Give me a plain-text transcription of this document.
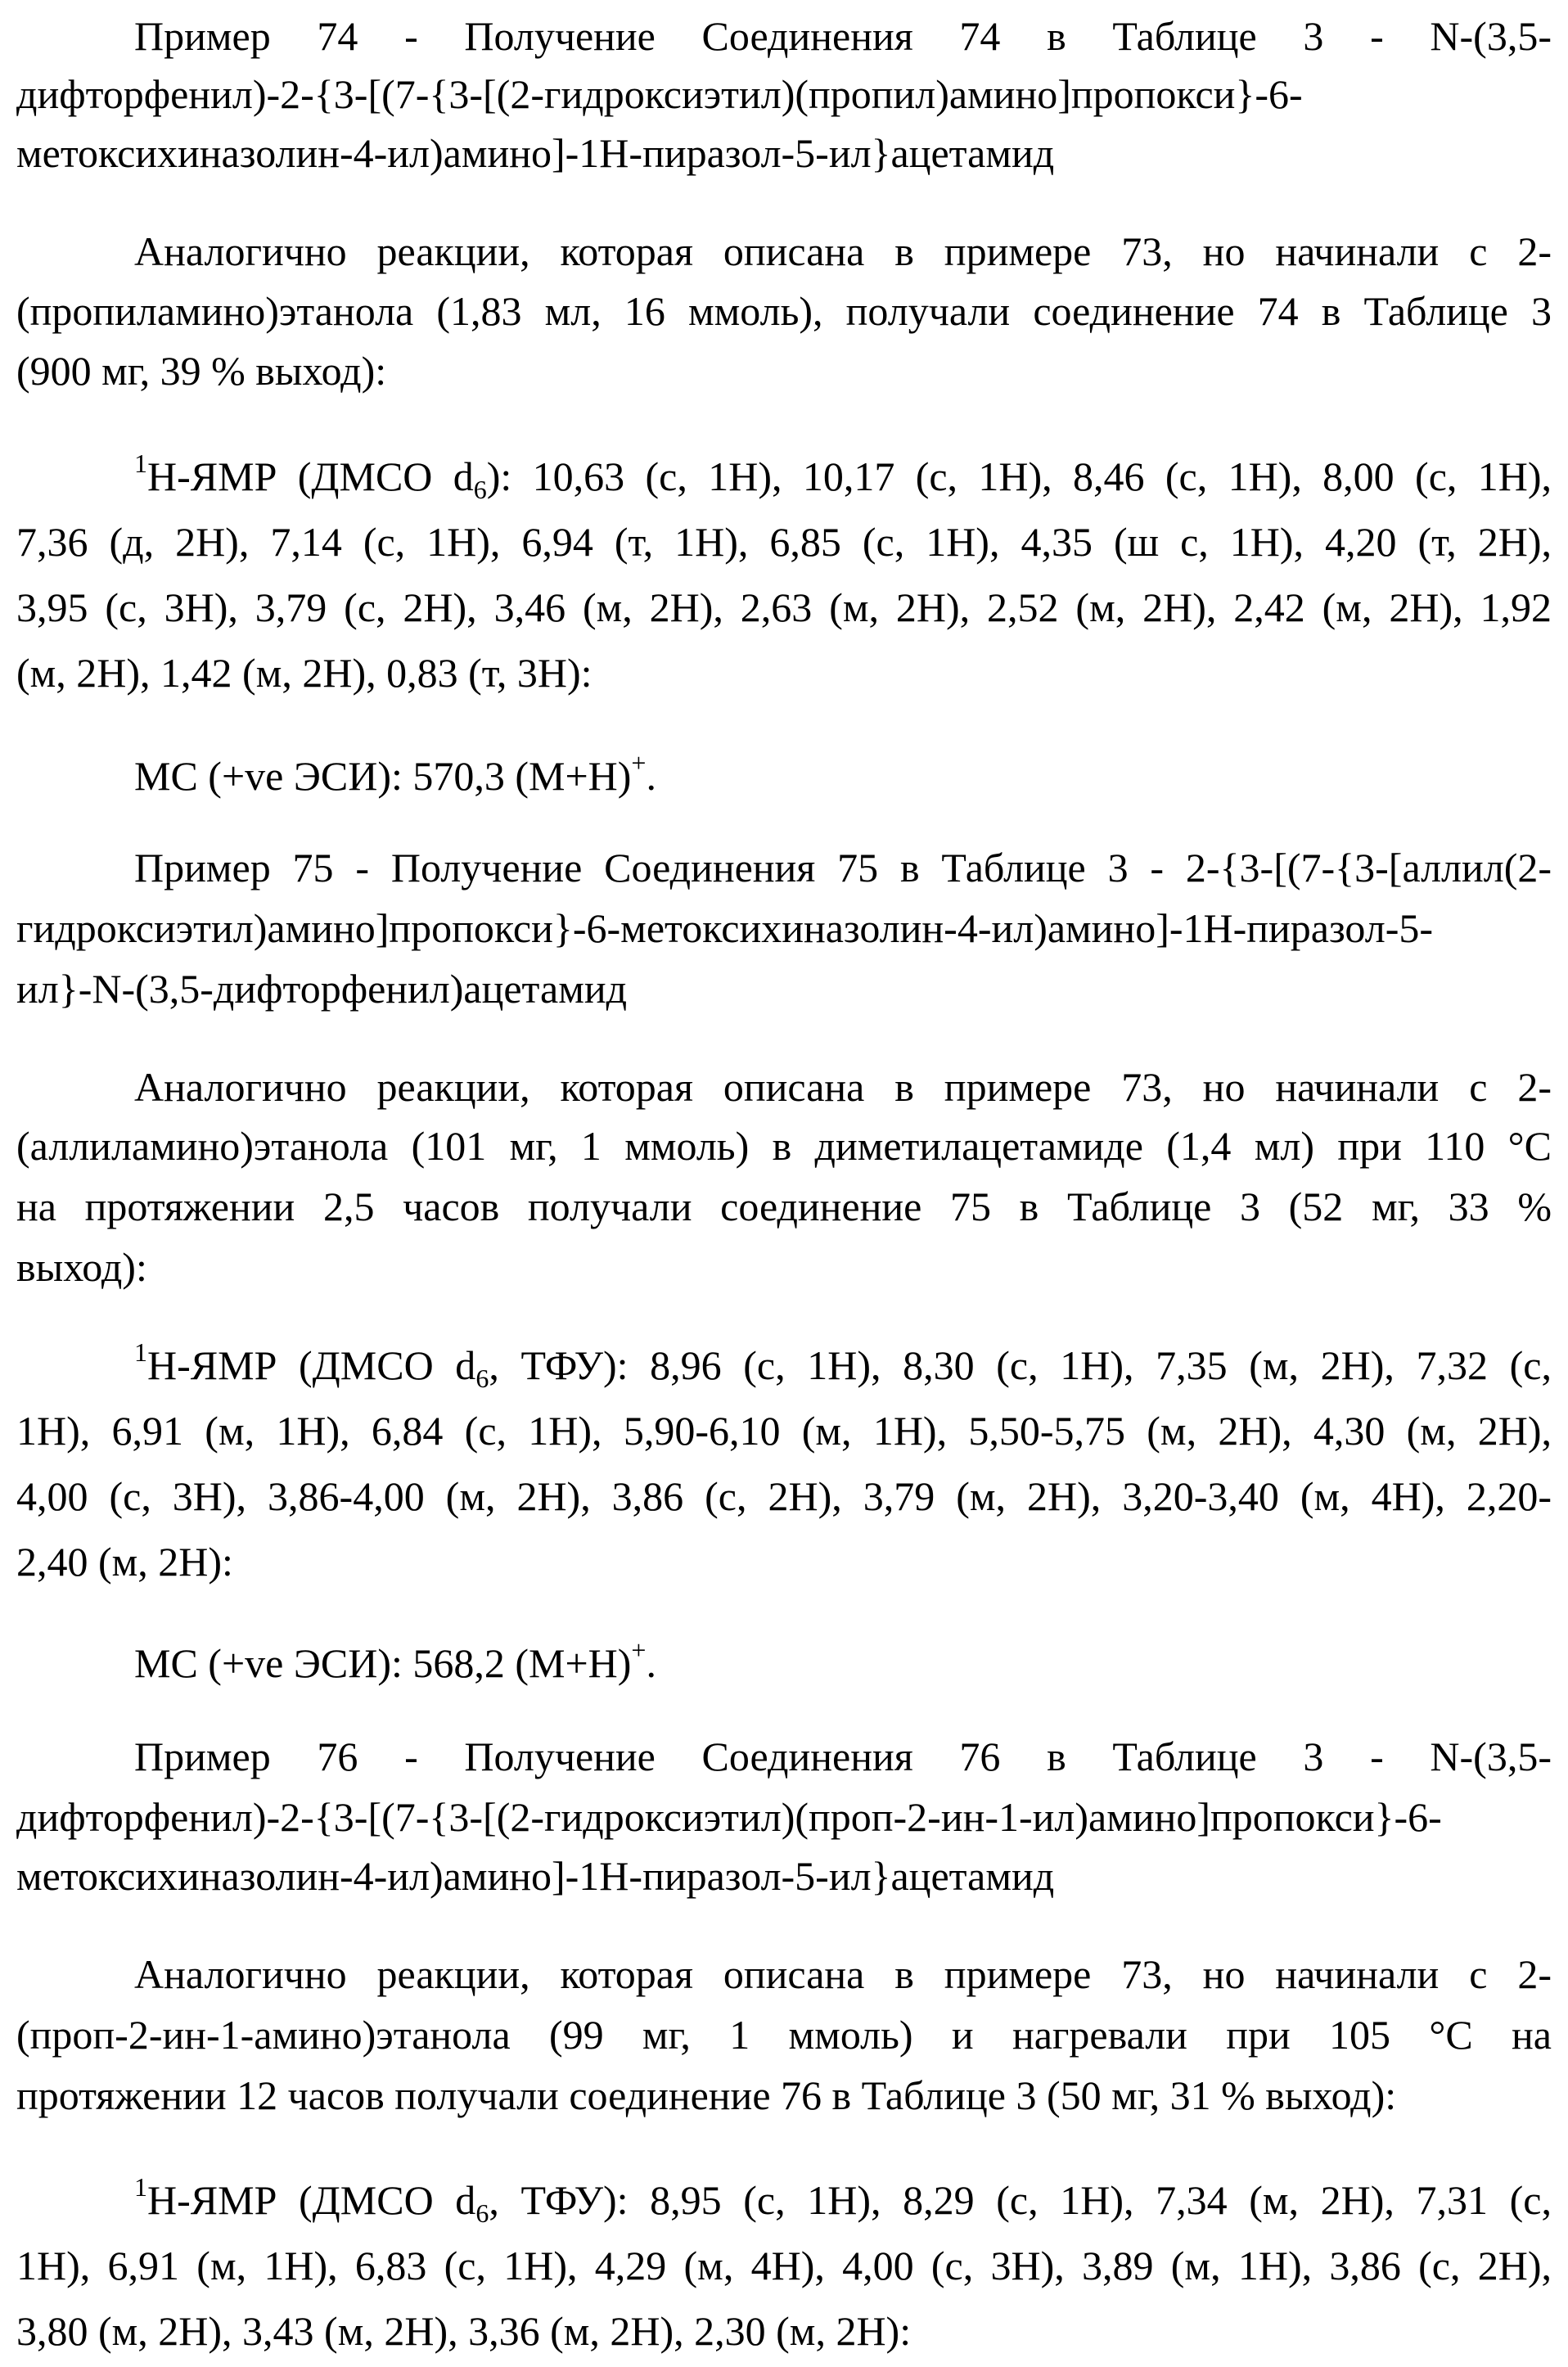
Пример 74 - Получение Соединения 74 в Таблице 3 - N-(3,5-

дифторфенил)-2-{3-[(7-{3-[(2-гидроксиэтил)(пропил)амино]пропокси}-6-

метоксихиназолин-4-ил)амино]-1Н-пиразол-5-ил}ацетамид

Аналогично реакции, которая описана в примере 73, но начинали с 2-

(пропиламино)этанола (1,83 мл, 16 ммоль), получали соединение 74 в Таблице 3

(900 мг, 39 % выход):

1Н-ЯМР (ДМСО d6): 10,63 (с, 1Н), 10,17 (с, 1Н), 8,46 (с, 1Н), 8,00 (с, 1Н),

7,36 (д, 2Н), 7,14 (с, 1Н), 6,94 (т, 1Н), 6,85 (с, 1Н), 4,35 (ш с, 1Н), 4,20 (т, 2Н),

3,95 (с, 3Н), 3,79 (с, 2Н), 3,46 (м, 2Н), 2,63 (м, 2Н), 2,52 (м, 2Н), 2,42 (м, 2Н), 1,92

(м, 2Н), 1,42 (м, 2Н), 0,83 (т, 3Н):

МС (+ve ЭСИ): 570,3 (М+Н)+.

Пример 75 - Получение Соединения 75 в Таблице 3 - 2-{3-[(7-{3-[аллил(2-

гидроксиэтил)амино]пропокси}-6-метоксихиназолин-4-ил)амино]-1Н-пиразол-5-

ил}-N-(3,5-дифторфенил)ацетамид

Аналогично реакции, которая описана в примере 73, но начинали с 2-

(аллиламино)этанола (101 мг, 1 ммоль) в диметилацетамиде (1,4 мл) при 110 °С

на протяжении 2,5 часов получали соединение 75 в Таблице 3 (52 мг, 33 %

выход):

1Н-ЯМР (ДМСО d6, ТФУ): 8,96 (с, 1Н), 8,30 (с, 1Н), 7,35 (м, 2Н), 7,32 (с,

1Н), 6,91 (м, 1Н), 6,84 (с, 1Н), 5,90-6,10 (м, 1Н), 5,50-5,75 (м, 2Н), 4,30 (м, 2Н),

4,00 (с, 3Н), 3,86-4,00 (м, 2Н), 3,86 (с, 2Н), 3,79 (м, 2Н), 3,20-3,40 (м, 4Н), 2,20-

2,40 (м, 2Н):

МС (+ve ЭСИ): 568,2 (М+Н)+.

Пример 76 - Получение Соединения 76 в Таблице 3 - N-(3,5-

дифторфенил)-2-{3-[(7-{3-[(2-гидроксиэтил)(проп-2-ин-1-ил)амино]пропокси}-6-

метоксихиназолин-4-ил)амино]-1Н-пиразол-5-ил}ацетамид

Аналогично реакции, которая описана в примере 73, но начинали с 2-

(проп-2-ин-1-амино)этанола (99 мг, 1 ммоль) и нагревали при 105 °С на

протяжении 12 часов получали соединение 76 в Таблице 3 (50 мг, 31 % выход):

1Н-ЯМР (ДМСО d6, ТФУ): 8,95 (с, 1Н), 8,29 (с, 1Н), 7,34 (м, 2Н), 7,31 (с,

1Н), 6,91 (м, 1Н), 6,83 (с, 1Н), 4,29 (м, 4Н), 4,00 (с, 3Н), 3,89 (м, 1Н), 3,86 (с, 2Н),

3,80 (м, 2Н), 3,43 (м, 2Н), 3,36 (м, 2Н), 2,30 (м, 2Н):
